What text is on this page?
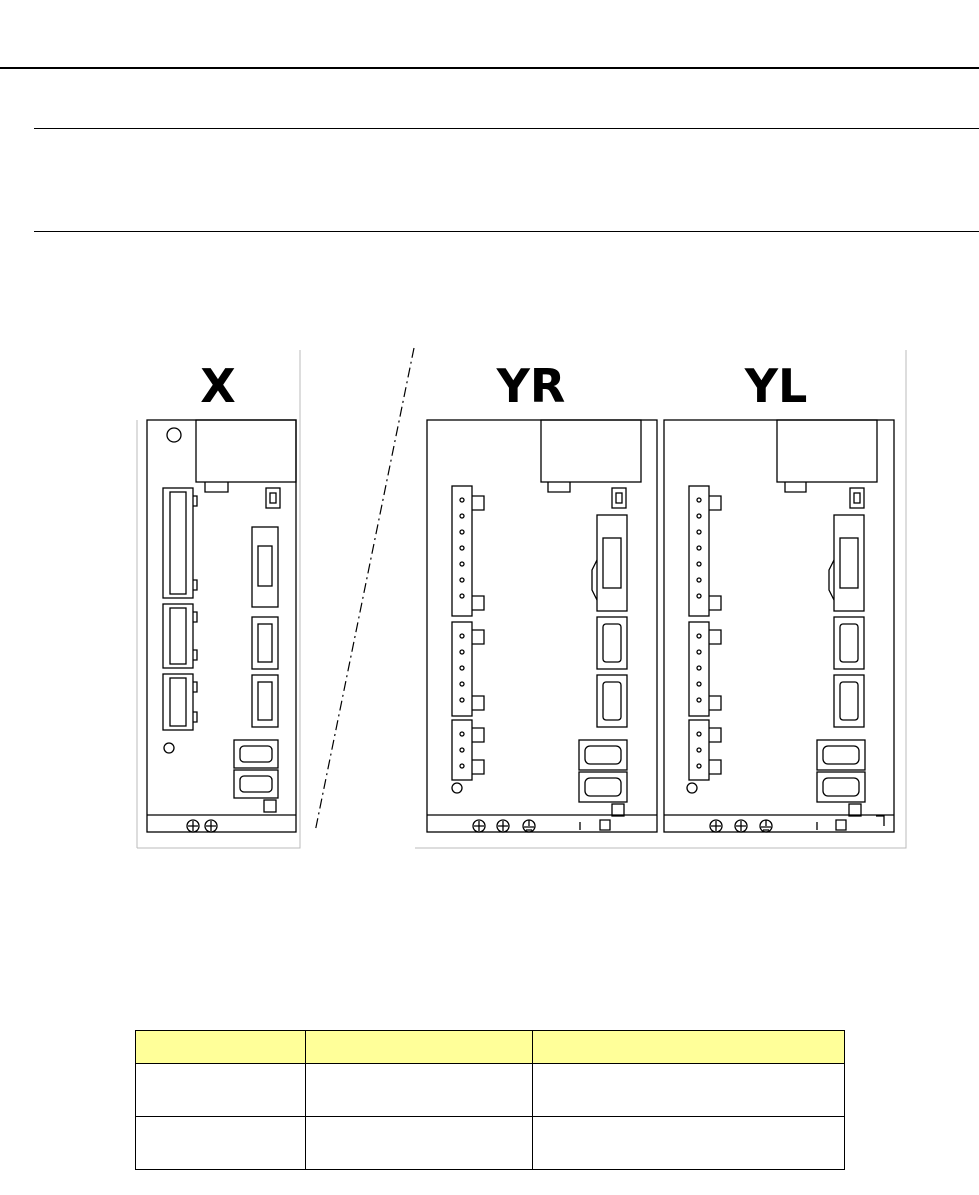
X	YR	YL
